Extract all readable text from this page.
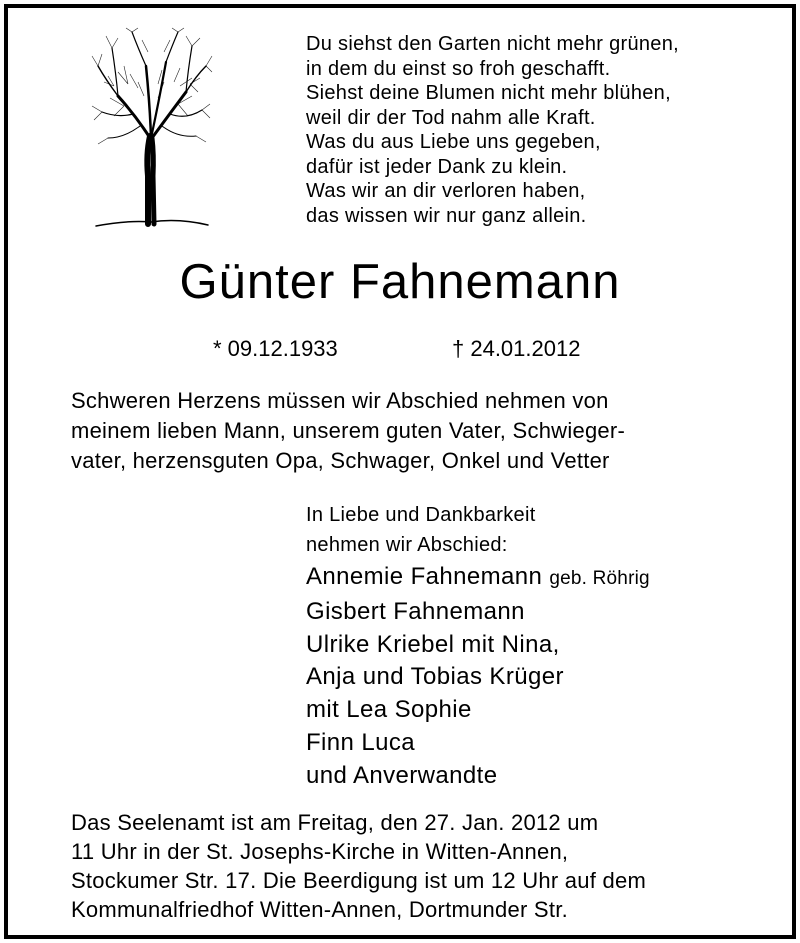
Du siehst den Garten nicht mehr grünen,
in dem du einst so froh geschafft.
Siehst deine Blumen nicht mehr blühen,
weil dir der Tod nahm alle Kraft.
Was du aus Liebe uns gegeben,
dafür ist jeder Dank zu klein.
Was wir an dir verloren haben,
das wissen wir nur ganz allein.
Günter Fahnemann
* 09.12.1933	† 24.01.2012
Schweren Herzens müssen wir Abschied nehmen von
meinem lieben Mann, unserem guten Vater, Schwieger-
vater, herzensguten Opa, Schwager, Onkel und Vetter
In Liebe und Dankbarkeit
nehmen wir Abschied:
Annemie Fahnemann geb. Röhrig
Gisbert Fahnemann
Ulrike Kriebel mit Nina,
Anja und Tobias Krüger
mit Lea Sophie
Finn Luca
und Anverwandte
Das Seelenamt ist am Freitag, den 27. Jan. 2012 um
11 Uhr in der St. Josephs-Kirche in Witten-Annen,
Stockumer Str. 17. Die Beerdigung ist um 12 Uhr auf dem
Kommunalfriedhof Witten-Annen, Dortmunder Str.
